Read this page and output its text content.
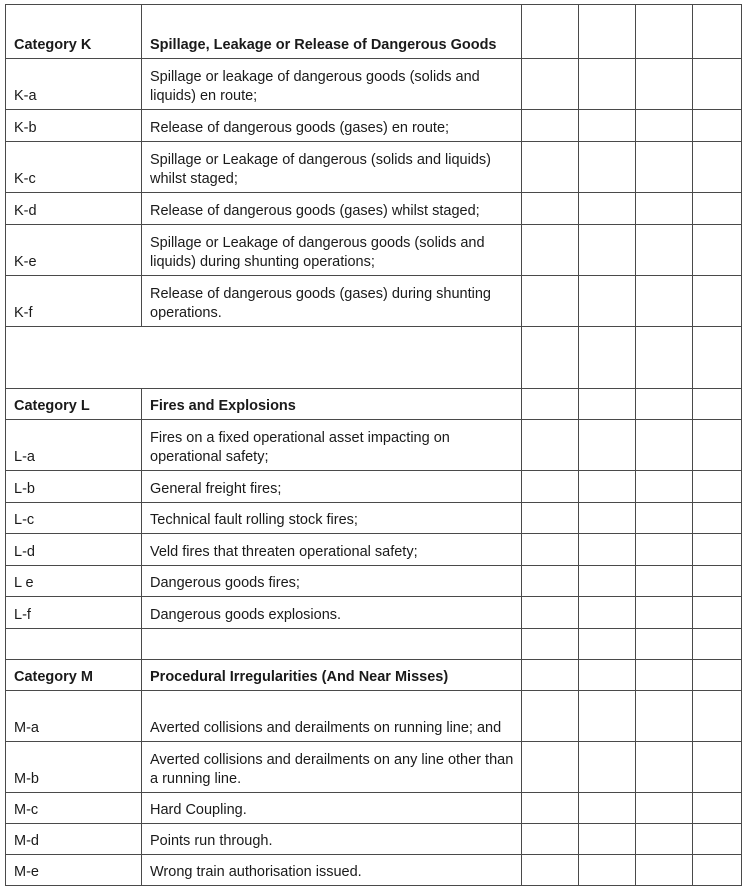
Category K	Spillage, Leakage or Release of Dangerous Goods				
K-a	Spillage or leakage of dangerous goods (solids and liquids) en route;				
K-b	Release of dangerous goods (gases) en route;				
K-c	Spillage or Leakage of dangerous (solids and liquids) whilst staged;				
K-d	Release of dangerous goods (gases) whilst staged;				
K-e	Spillage or Leakage of dangerous goods (solids and liquids) during shunting operations;				
K-f	Release of dangerous goods (gases) during shunting operations.				

Category L	Fires and Explosions				
L-a	Fires on a fixed operational asset impacting on operational safety;				
L-b	General freight fires;				
L-c	Technical fault rolling stock fires;				
L-d	Veld fires that threaten operational safety;				
L e	Dangerous goods fires;				
L-f	Dangerous goods explosions.				

Category M	Procedural Irregularities (And Near Misses)				
M-a	Averted collisions and derailments on running line; and				
M-b	Averted collisions and derailments on any line other than a running line.				
M-c	Hard Coupling.				
M-d	Points run through.				
M-e	Wrong train authorisation issued.				
